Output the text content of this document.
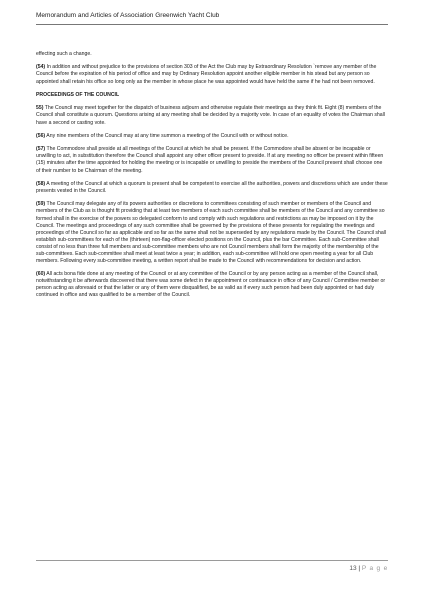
Memorandum and Articles of Association Greenwich Yacht Club

effecting such a change.

(54) In addition and without prejudice to the provisions of section 303 of the Act the Club may by Extraordinary Resolution `remove any member of the Council before the expiration of his period of office and may by Ordinary Resolution appoint another eligible member in his stead but any person so appointed shall retain his office so long only as the member in whose place he was appointed would have held the same if he had not been removed.

PROCEEDINGS OF THE COUNCIL

55) The Council may meet together for the dispatch of business adjourn and otherwise regulate their meetings as they think fit. Eight (8) members of the Council shall constitute a quorum. Questions arising at any meeting shall be decided by a majority vote. In case of an equality of votes the Chairman shall have a second or casting vote.

(56) Any nine members of the Council may at any time summon a meeting of the Council with or without notice.

(57) The Commodore shall preside at all meetings of the Council at which he shall be present. If the Commodore shall be absent or be incapable or unwilling to act, in substitution therefore the Council shall appoint any other officer present to preside. If at any meeting no officer be present within fifteen (15) minutes after the time appointed for holding the meeting or is incapable or unwilling to preside the members of the Council present shall choose one of their number to be Chairman of the meeting.

(58) A meeting of the Council at which a quorum is present shall be competent to exercise all the authorities, powers and discretions which are under these presents vested in the Council.

(59) The Council may delegate any of its powers authorities or discretions to committees consisting of such member or members of the Council and members of the Club as is thought fit providing that at least two members of each such committee shall be members of the Council and any committee so formed shall in the exercise of the powers so delegated conform to and comply with such regulations and restrictions as may be imposed on it by the Council. The meetings and proceedings of any such committee shall be governed by the provisions of these presents for regulating the meetings and proceedings of the Council so far as applicable and so far as the same shall not be superseded by any regulations made by the Council. The Council shall establish sub-committees for each of the (thirteen) non-flag-officer elected positions on the Council, plus the bar Committee. Each sub-Committee shall consist of no less than three full members and sub-committee members who are not Council members shall form the majority of the membership of the sub-committees. Each sub-committee shall meet at least twice a year; in addition, each sub-committee will hold one open meeting a year for all Club members. Following every sub-committee meeting, a written report shall be made to the Council with recommendations for decision and action.

(60) All acts bona fide done at any meeting of the Council or at any committee of the Council or by any person acting as a member of the Council shall, notwithstanding it be afterwards discovered that there was some defect in the appointment or continuance in office of any Council / Committee member or person acting as aforesaid or that the latter or any of them were disqualified, be as valid as if every such person had been duly appointed or had duly continued in office and was qualified to be a member of the Council.

13 | P a g e
